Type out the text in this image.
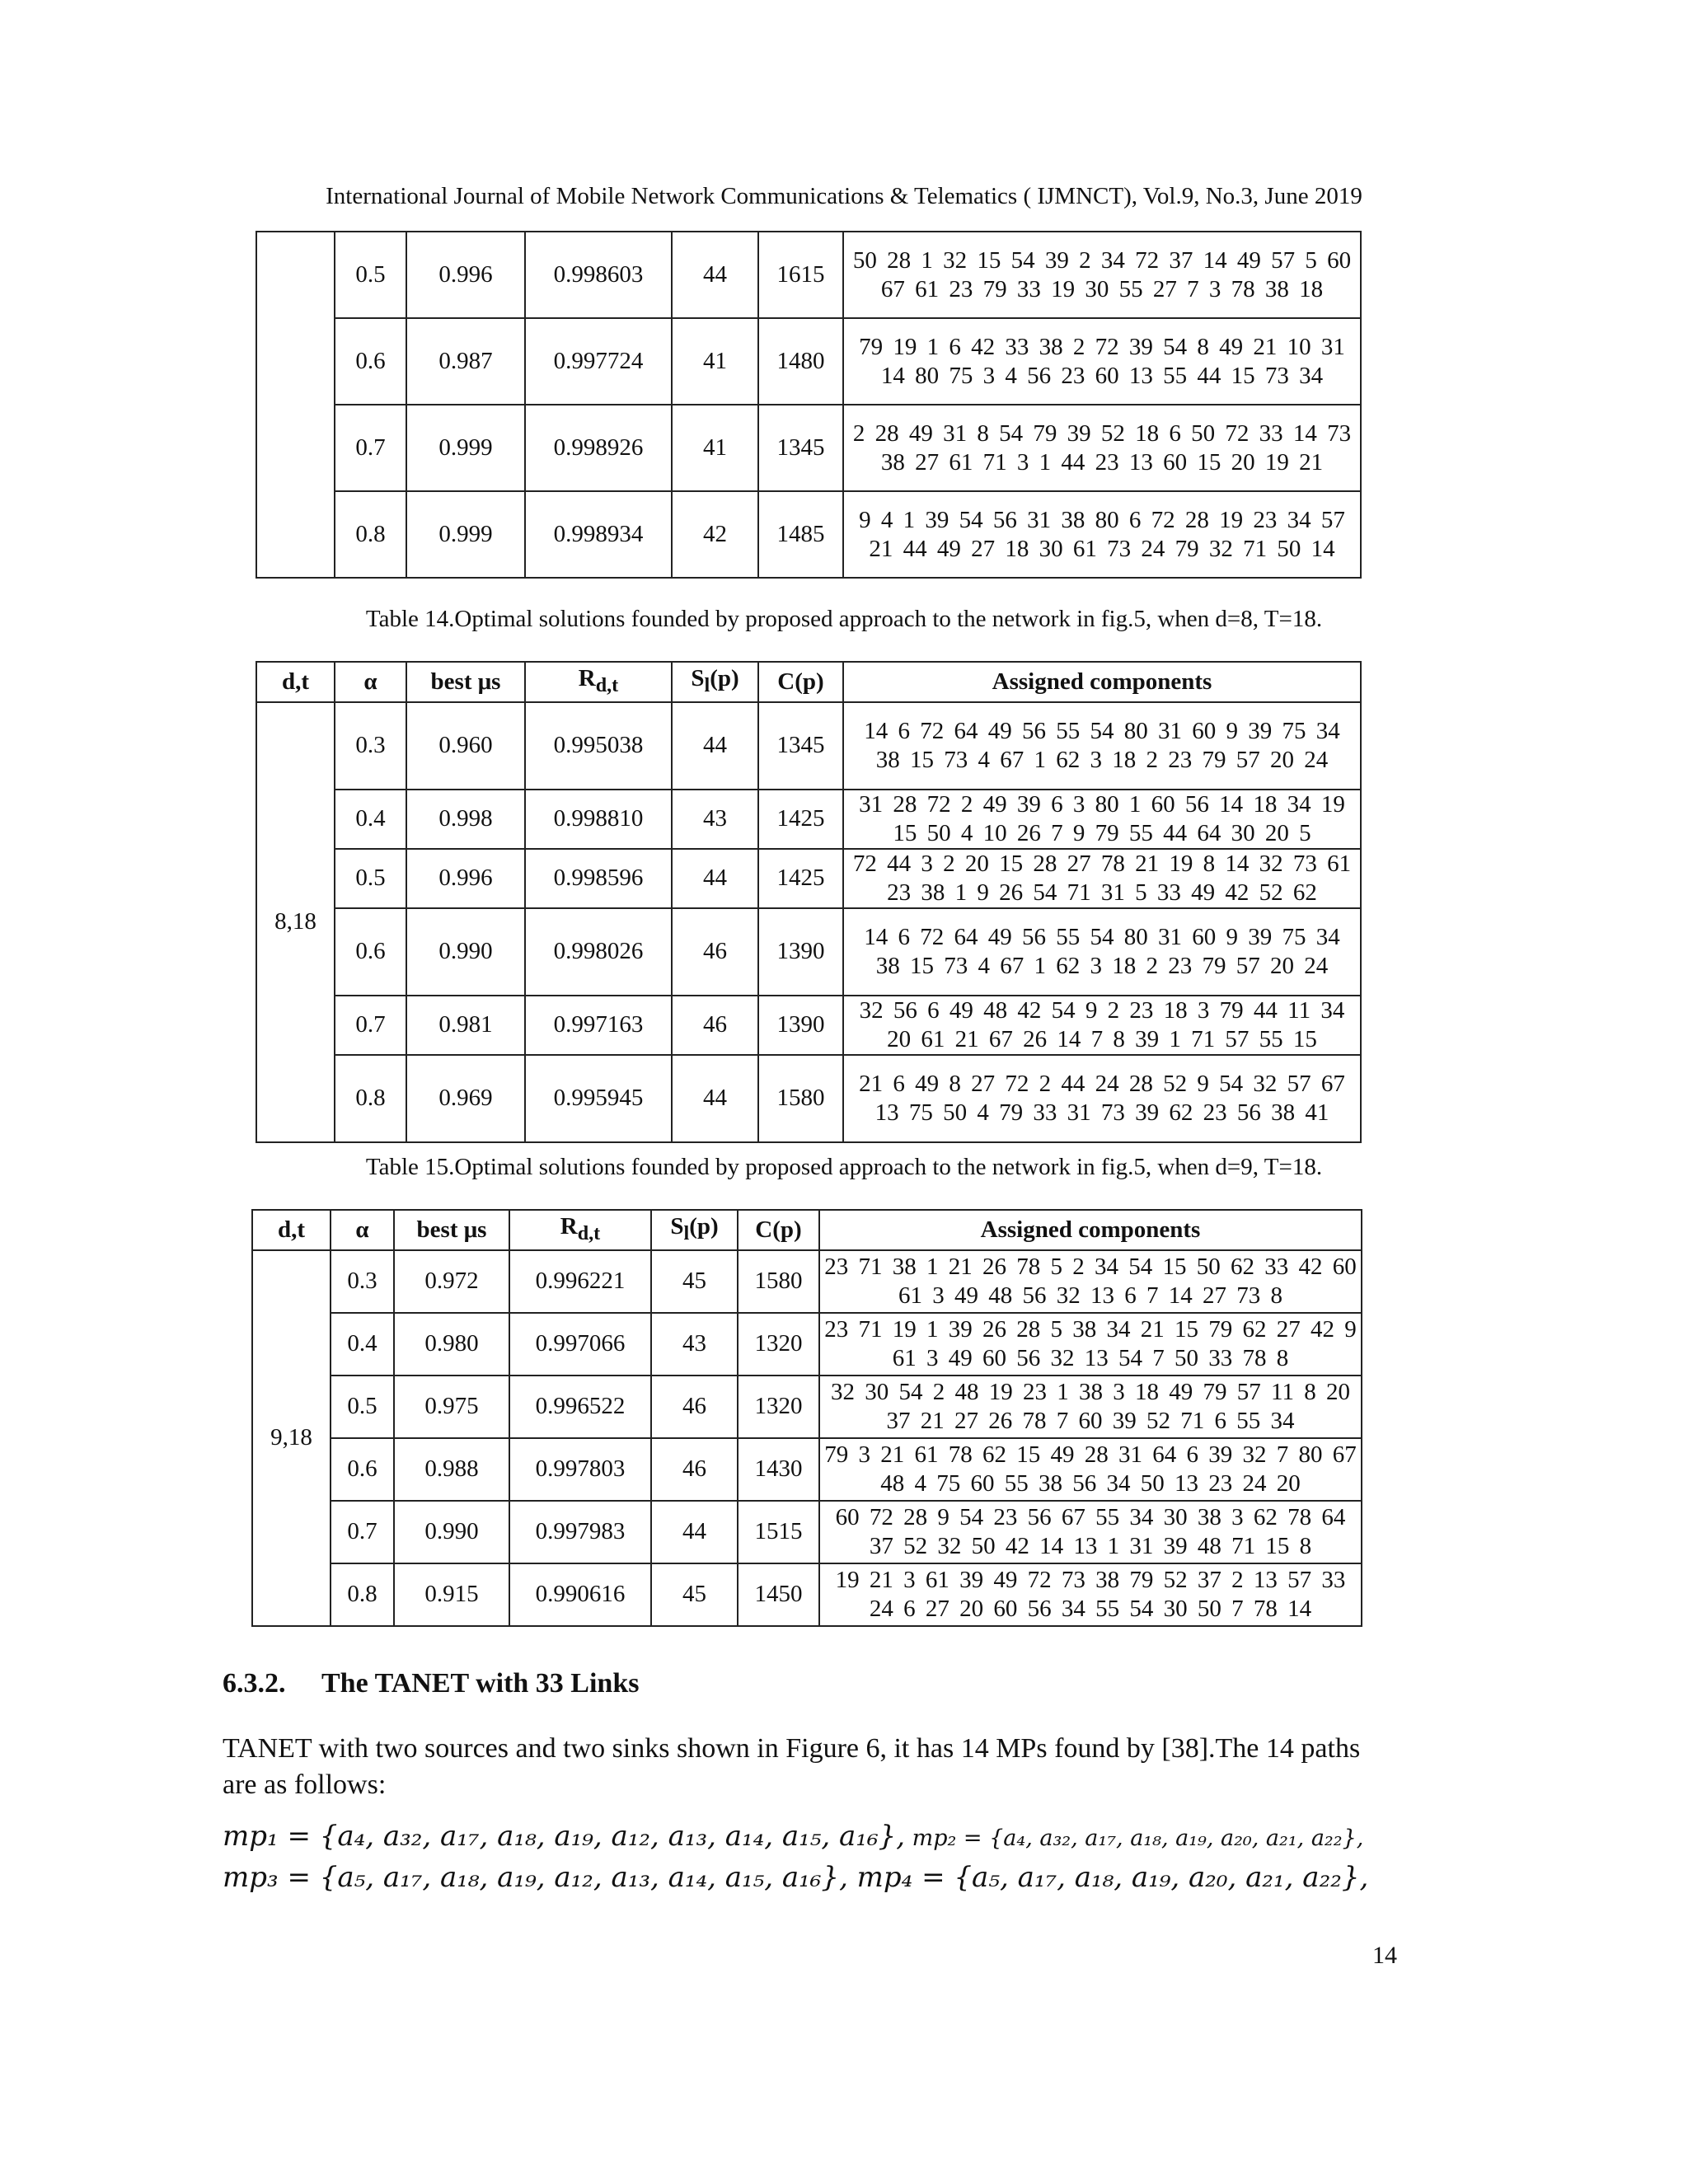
International Journal of Mobile Network Communications & Telematics ( IJMNCT), Vol.9, No.3, June 2019
	0.5	0.996	0.998603	44	1615	50 28 1 32 15 54 39 2 34 72 37 14 49 57 5 60 67 61 23 79 33 19 30 55 27 7 3 78 38 18
	0.6	0.987	0.997724	41	1480	79 19 1 6 42 33 38 2 72 39 54 8 49 21 10 31 14 80 75 3 4 56 23 60 13 55 44 15 73 34
	0.7	0.999	0.998926	41	1345	2 28 49 31 8 54 79 39 52 18 6 50 72 33 14 73 38 27 61 71 3 1 44 23 13 60 15 20 19 21
	0.8	0.999	0.998934	42	1485	9 4 1 39 54 56 31 38 80 6 72 28 19 23 34 57 21 44 49 27 18 30 61 73 24 79 32 71 50 14
Table 14.Optimal solutions founded by proposed approach to the network in fig.5, when d=8, T=18.
d,t	α	best μs	$R_{d,t}$	$S_l(p)$	C(p)	Assigned components
8,18	0.3	0.960	0.995038	44	1345	14 6 72 64 49 56 55 54 80 31 60 9 39 75 34 38 15 73 4 67 1 62 3 18 2 23 79 57 20 24
	0.4	0.998	0.998810	43	1425	31 28 72 2 49 39 6 3 80 1 60 56 14 18 34 19 15 50 4 10 26 7 9 79 55 44 64 30 20 5
	0.5	0.996	0.998596	44	1425	72 44 3 2 20 15 28 27 78 21 19 8 14 32 73 61 23 38 1 9 26 54 71 31 5 33 49 42 52 62
	0.6	0.990	0.998026	46	1390	14 6 72 64 49 56 55 54 80 31 60 9 39 75 34 38 15 73 4 67 1 62 3 18 2 23 79 57 20 24
	0.7	0.981	0.997163	46	1390	32 56 6 49 48 42 54 9 2 23 18 3 79 44 11 34 20 61 21 67 26 14 7 8 39 1 71 57 55 15
	0.8	0.969	0.995945	44	1580	21 6 49 8 27 72 2 44 24 28 52 9 54 32 57 67 13 75 50 4 79 33 31 73 39 62 23 56 38 41
Table 15.Optimal solutions founded by proposed approach to the network in fig.5, when d=9, T=18.
d,t	α	best μs	$R_{d,t}$	$S_l(p)$	C(p)	Assigned components
9,18	0.3	0.972	0.996221	45	1580	23 71 38 1 21 26 78 5 2 34 54 15 50 62 33 42 60 61 3 49 48 56 32 13 6 7 14 27 73 8
	0.4	0.980	0.997066	43	1320	23 71 19 1 39 26 28 5 38 34 21 15 79 62 27 42 9 61 3 49 60 56 32 13 54 7 50 33 78 8
	0.5	0.975	0.996522	46	1320	32 30 54 2 48 19 23 1 38 3 18 49 79 57 11 8 20 37 21 27 26 78 7 60 39 52 71 6 55 34
	0.6	0.988	0.997803	46	1430	79 3 21 61 78 62 15 49 28 31 64 6 39 32 7 80 67 48 4 75 60 55 38 56 34 50 13 23 24 20
	0.7	0.990	0.997983	44	1515	60 72 28 9 54 23 56 67 55 34 30 38 3 62 78 64 37 52 32 50 42 14 13 1 31 39 48 71 15 8
	0.8	0.915	0.990616	45	1450	19 21 3 61 39 49 72 73 38 79 52 37 2 13 57 33 24 6 27 20 60 56 34 55 54 30 50 7 78 14
6.3.2. The TANET with 33 Links
TANET with two sources and two sinks shown in Figure 6, it has 14 MPs found by [38].The 14 paths are as follows:
mp₁ = {a₄, a₃₂, a₁₇, a₁₈, a₁₉, a₁₂, a₁₃, a₁₄, a₁₅, a₁₆}, mp₂ = {a₄, a₃₂, a₁₇, a₁₈, a₁₉, a₂₀, a₂₁, a₂₂},
mp₃ = {a₅, a₁₇, a₁₈, a₁₉, a₁₂, a₁₃, a₁₄, a₁₅, a₁₆}, mp₄ = {a₅, a₁₇, a₁₈, a₁₉, a₂₀, a₂₁, a₂₂},
14
